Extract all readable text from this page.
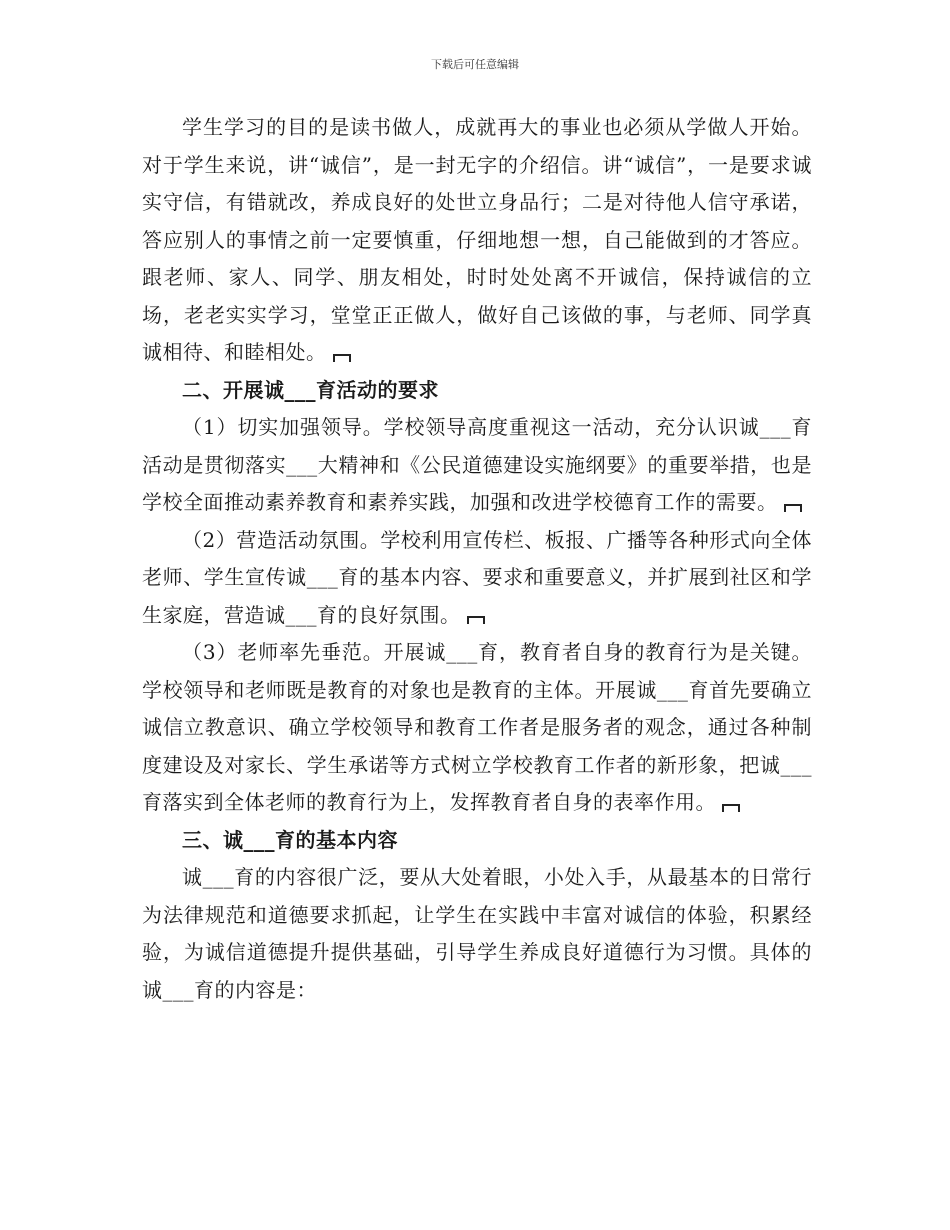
下载后可任意编辑

学生学习的目的是读书做人，成就再大的事业也必须从学做人开始。对于学生来说，讲“诚信”，是一封无字的介绍信。讲“诚信”，一是要求诚实守信，有错就改，养成良好的处世立身品行；二是对待他人信守承诺，答应别人的事情之前一定要慎重，仔细地想一想，自己能做到的才答应。跟老师、家人、同学、朋友相处，时时处处离不开诚信，保持诚信的立场，老老实实学习，堂堂正正做人，做好自己该做的事，与老师、同学真诚相待、和睦相处。

二、开展诚___育活动的要求

（1）切实加强领导。学校领导高度重视这一活动，充分认识诚___育活动是贯彻落实___大精神和《公民道德建设实施纲要》的重要举措，也是学校全面推动素养教育和素养实践，加强和改进学校德育工作的需要。

（2）营造活动氛围。学校利用宣传栏、板报、广播等各种形式向全体老师、学生宣传诚___育的基本内容、要求和重要意义，并扩展到社区和学生家庭，营造诚___育的良好氛围。

（3）老师率先垂范。开展诚___育，教育者自身的教育行为是关键。学校领导和老师既是教育的对象也是教育的主体。开展诚___育首先要确立诚信立教意识、确立学校领导和教育工作者是服务者的观念，通过各种制度建设及对家长、学生承诺等方式树立学校教育工作者的新形象，把诚___育落实到全体老师的教育行为上，发挥教育者自身的表率作用。

三、诚___育的基本内容

诚___育的内容很广泛，要从大处着眼，小处入手，从最基本的日常行为法律规范和道德要求抓起，让学生在实践中丰富对诚信的体验，积累经验，为诚信道德提升提供基础，引导学生养成良好道德行为习惯。具体的诚___育的内容是：
